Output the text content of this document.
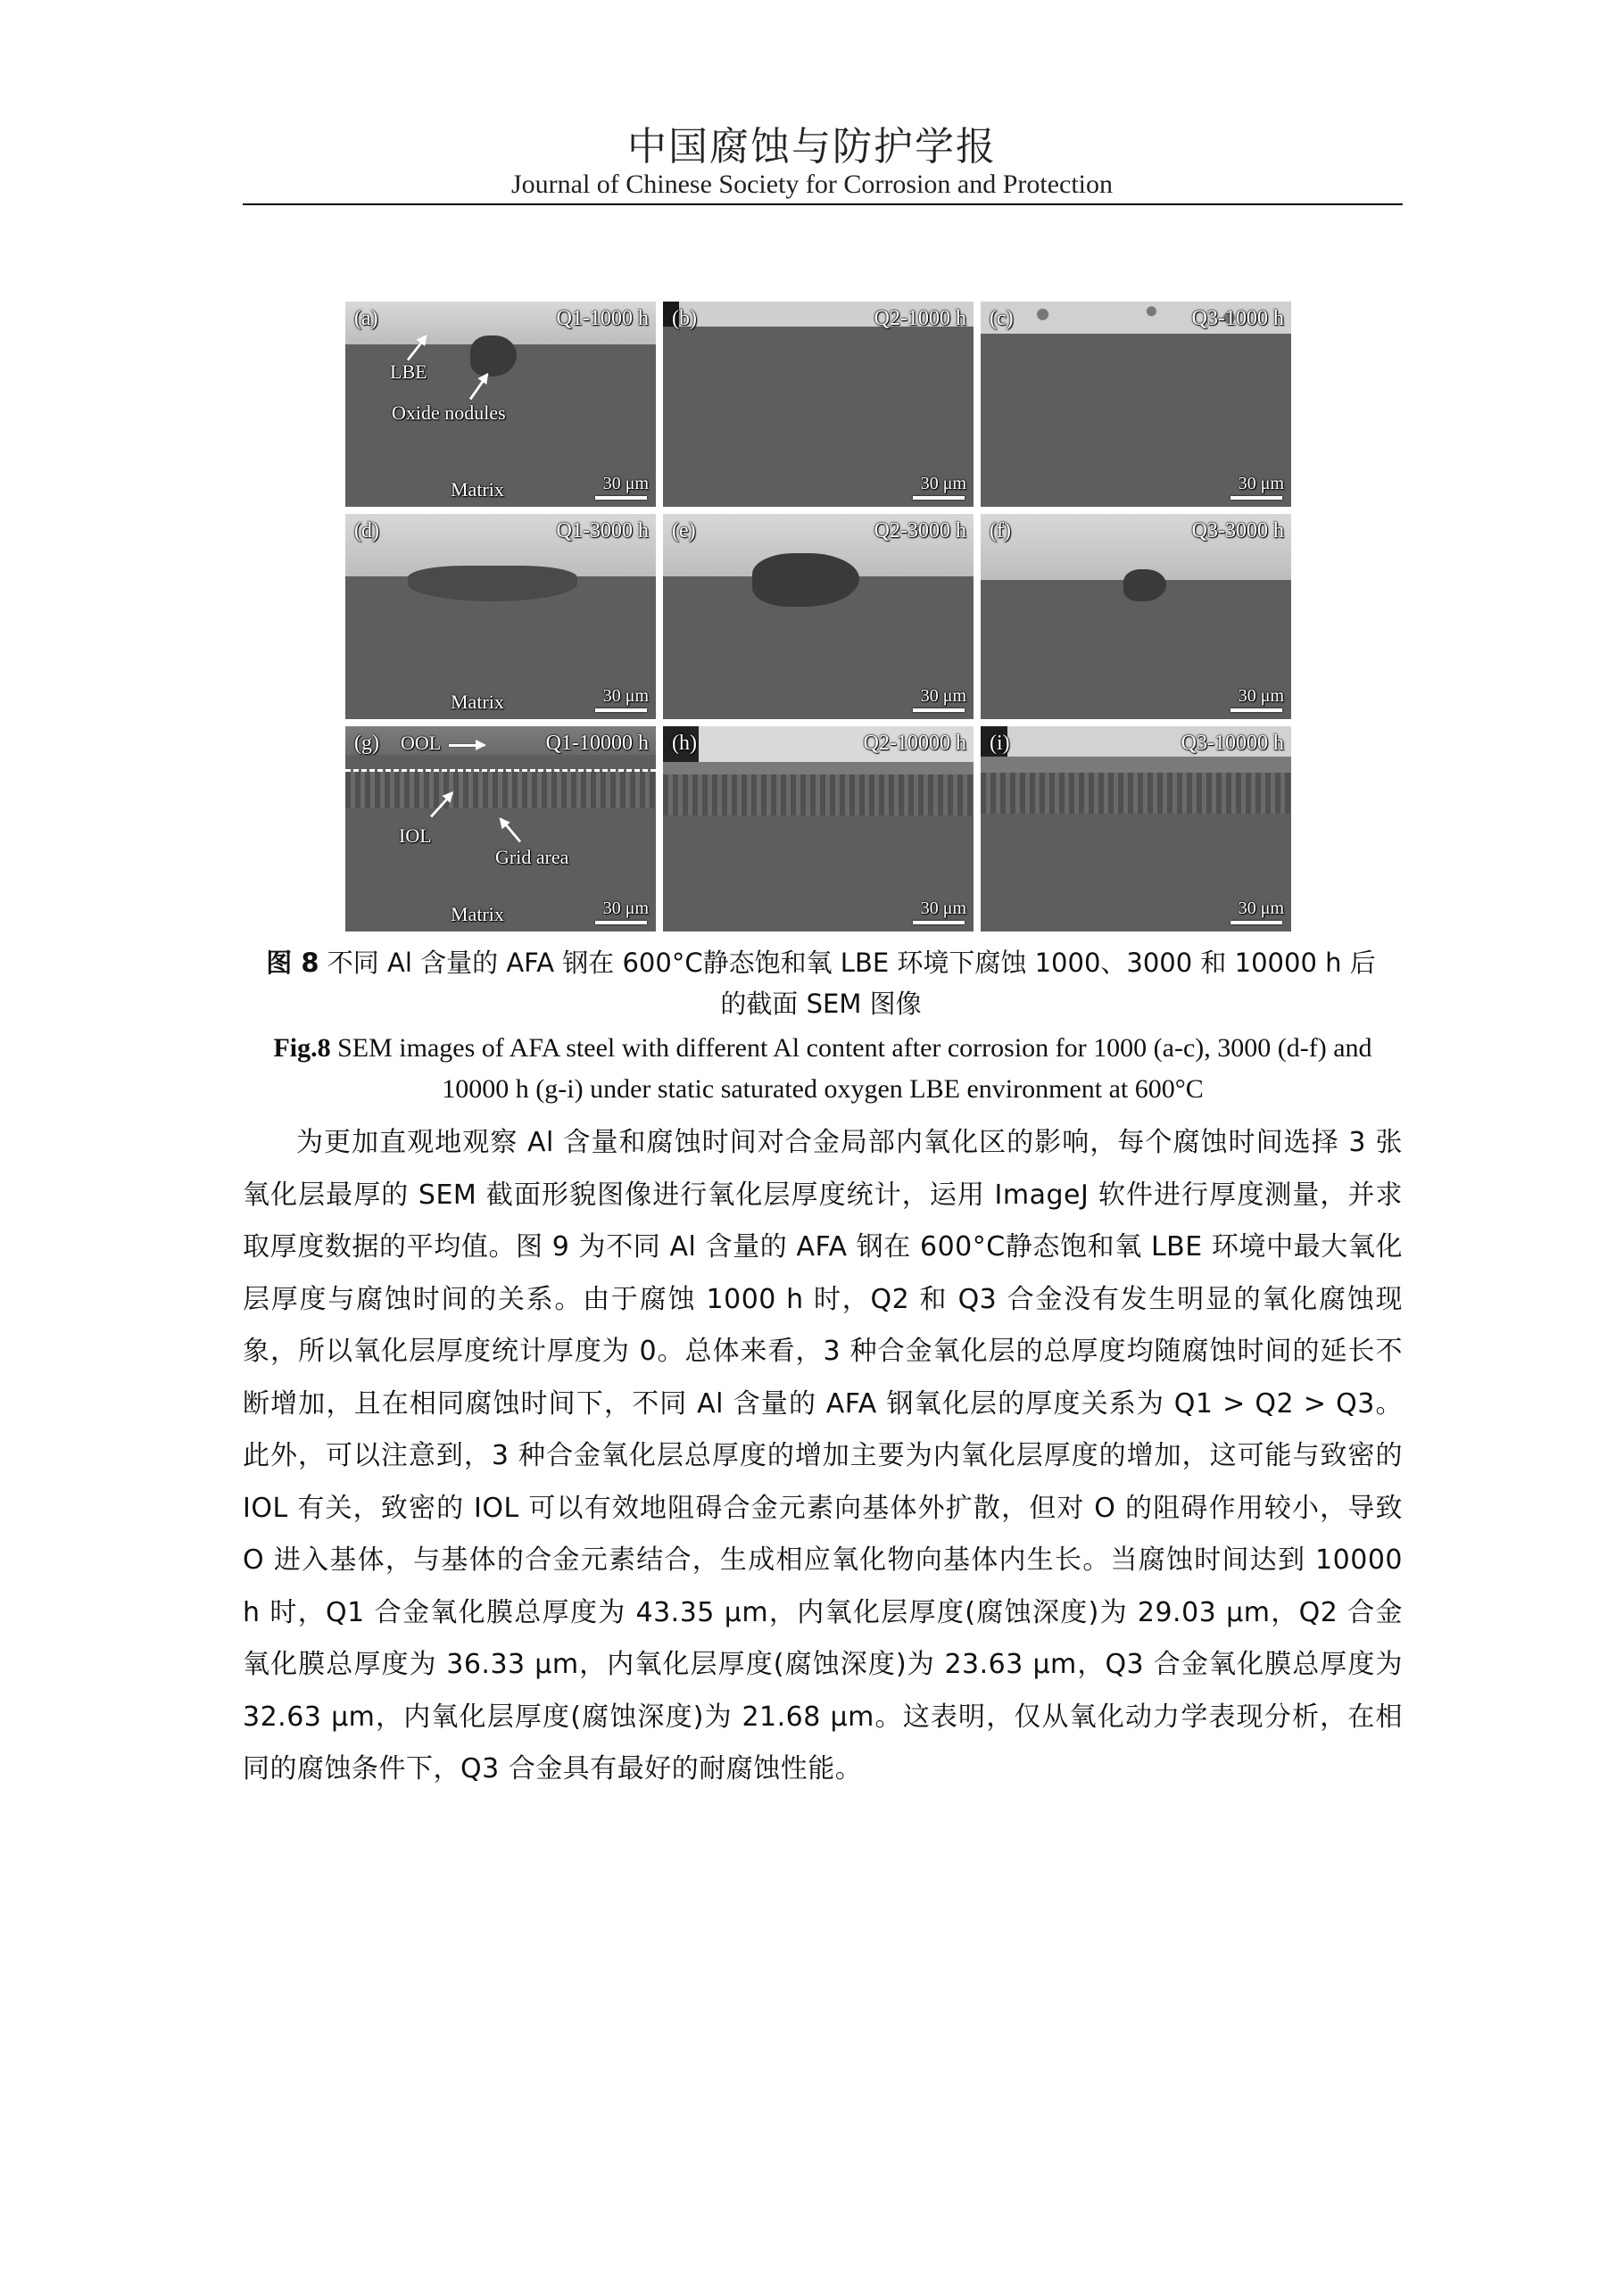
中国腐蚀与防护学报
Journal of Chinese Society for Corrosion and Protection
(a)	Q1-1000 h
LBE
Oxide nodules
Matrix	30 μm
(b)	Q2-1000 h
30 μm
(c)	Q3-1000 h
30 μm
(d)	Q1-3000 h
Matrix	30 μm
(e)	Q2-3000 h
30 μm
(f)	Q3-3000 h
30 μm
(g)	Q1-10000 h
OOL
IOL
Grid area
Matrix	30 μm
(h)	Q2-10000 h
30 μm
(i)	Q3-10000 h
30 μm
图 8 不同 Al 含量的 AFA 钢在 600°C静态饱和氧 LBE 环境下腐蚀 1000、3000 和 10000 h 后的截面 SEM 图像
Fig.8 SEM images of AFA steel with different Al content after corrosion for 1000 (a-c), 3000 (d-f) and 10000 h (g-i) under static saturated oxygen LBE environment at 600°C
为更加直观地观察 Al 含量和腐蚀时间对合金局部内氧化区的影响，每个腐蚀时间选择 3 张氧化层最厚的 SEM 截面形貌图像进行氧化层厚度统计，运用 ImageJ 软件进行厚度测量，并求取厚度数据的平均值。图 9 为不同 Al 含量的 AFA 钢在 600°C静态饱和氧 LBE 环境中最大氧化层厚度与腐蚀时间的关系。由于腐蚀 1000 h 时，Q2 和 Q3 合金没有发生明显的氧化腐蚀现象，所以氧化层厚度统计厚度为 0。总体来看，3 种合金氧化层的总厚度均随腐蚀时间的延长不断增加，且在相同腐蚀时间下，不同 Al 含量的 AFA 钢氧化层的厚度关系为 Q1 > Q2 > Q3。此外，可以注意到，3 种合金氧化层总厚度的增加主要为内氧化层厚度的增加，这可能与致密的 IOL 有关，致密的 IOL 可以有效地阻碍合金元素向基体外扩散，但对 O 的阻碍作用较小，导致 O 进入基体，与基体的合金元素结合，生成相应氧化物向基体内生长。当腐蚀时间达到 10000 h 时，Q1 合金氧化膜总厚度为 43.35 μm，内氧化层厚度(腐蚀深度)为 29.03 μm，Q2 合金氧化膜总厚度为 36.33 μm，内氧化层厚度(腐蚀深度)为 23.63 μm，Q3 合金氧化膜总厚度为 32.63 μm，内氧化层厚度(腐蚀深度)为 21.68 μm。这表明，仅从氧化动力学表现分析，在相同的腐蚀条件下，Q3 合金具有最好的耐腐蚀性能。
